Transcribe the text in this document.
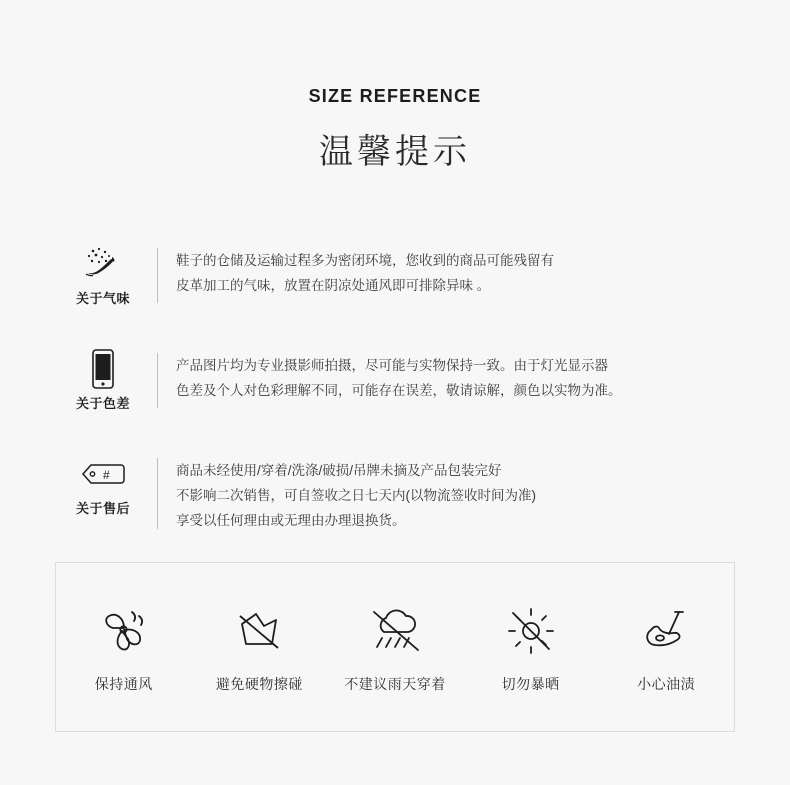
SIZE REFERENCE
温馨提示
关于气味
鞋子的仓储及运输过程多为密闭环境，您收到的商品可能残留有
皮革加工的气味，放置在阴凉处通风即可排除异味 。
关于色差
产品图片均为专业摄影师拍摄，尽可能与实物保持一致。由于灯光显示器
色差及个人对色彩理解不同，可能存在误差，敬请谅解，颜色以实物为准。
#
关于售后
商品未经使用/穿着/洗涤/破损/吊牌未摘及产品包装完好
不影响二次销售，可自签收之日七天内(以物流签收时间为准)
享受以任何理由或无理由办理退换货。
保持通风	避免硬物擦碰	不建议雨天穿着	切勿暴晒	小心油渍
